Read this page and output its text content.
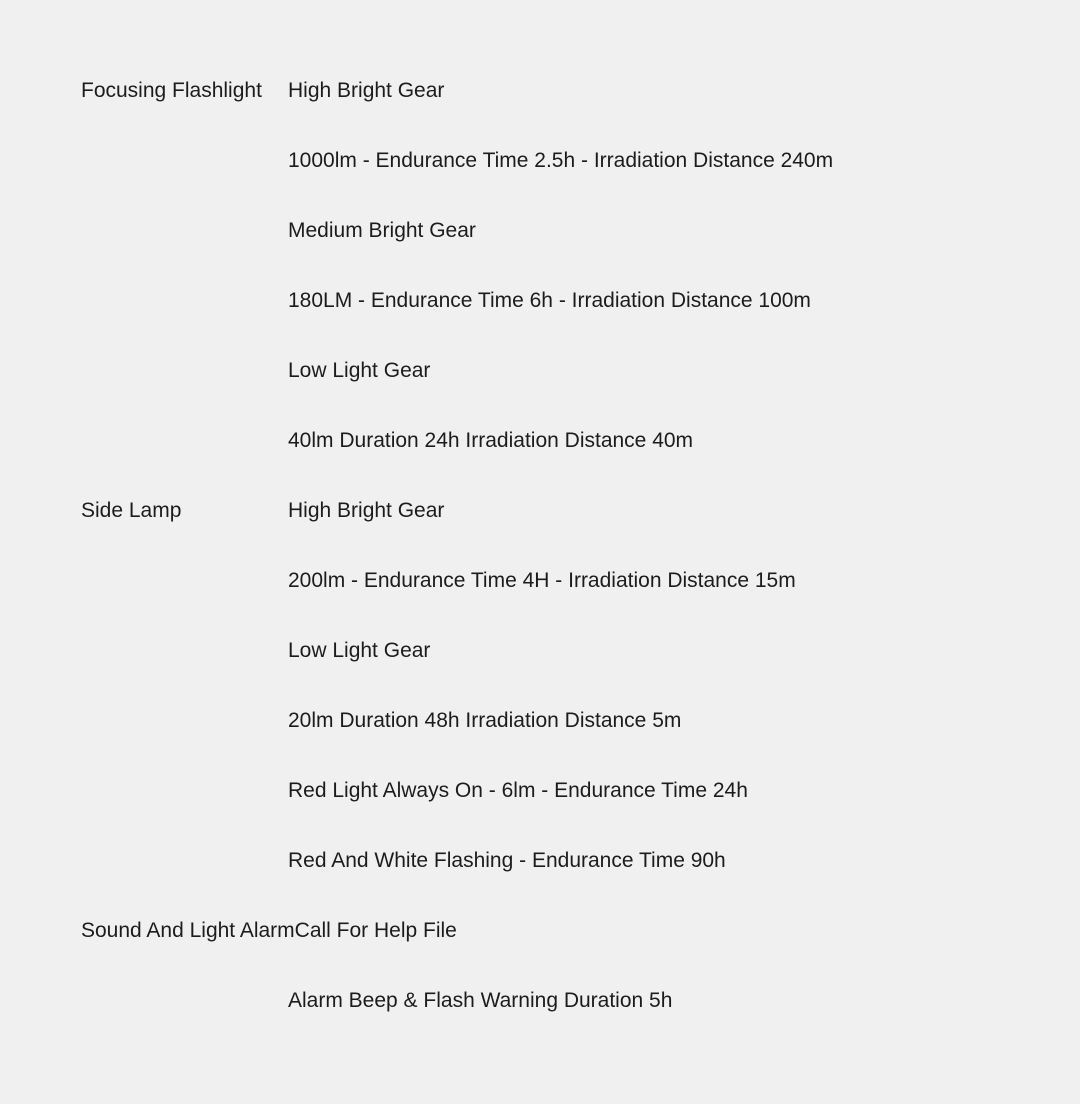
Focusing Flashlight	High Bright Gear
1000lm - Endurance Time 2.5h - Irradiation Distance 240m
Medium Bright Gear
180LM - Endurance Time 6h - Irradiation Distance 100m
Low Light Gear
40lm Duration 24h Irradiation Distance 40m
Side Lamp	High Bright Gear
200lm - Endurance Time 4H - Irradiation Distance 15m
Low Light Gear
20lm Duration 48h Irradiation Distance 5m
Red Light Always On - 6lm - Endurance Time 24h
Red And White Flashing - Endurance Time 90h
Sound And Light Alarm Call For Help File
Alarm Beep & Flash Warning Duration 5h
